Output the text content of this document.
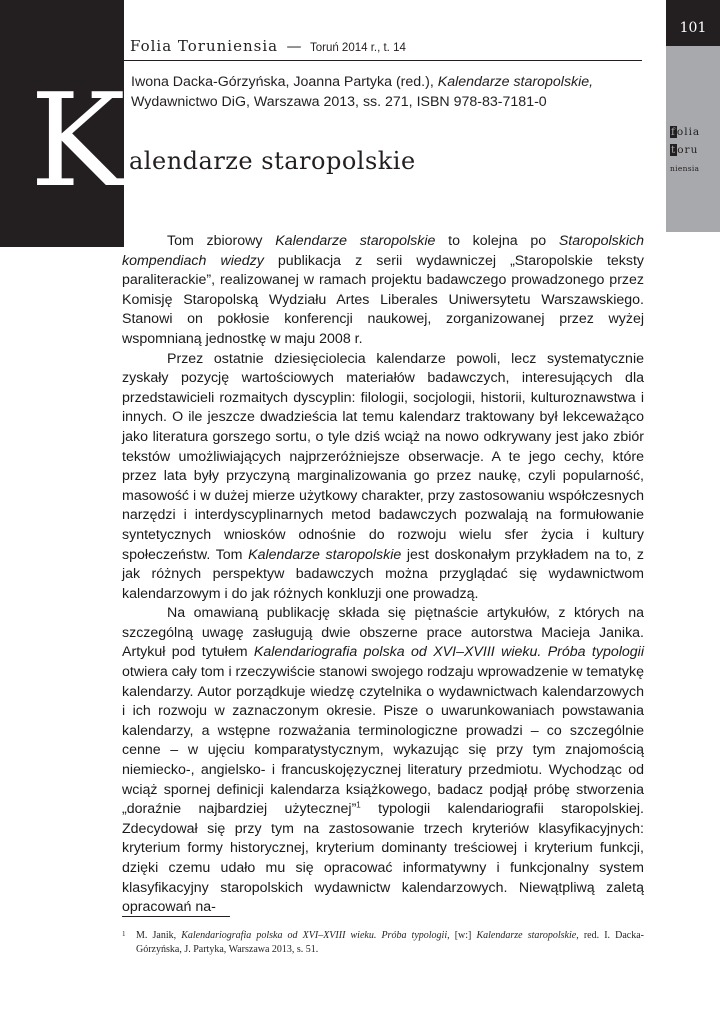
K
101
folia
toru
niensia
Folia Toruniensia — Toruń 2014 r., t. 14
Iwona Dacka-Górzyńska, Joanna Partyka (red.), Kalendarze staropolskie, Wydawnictwo DiG, Warszawa 2013, ss. 271, ISBN 978-83-7181-0
alendarze staropolskie

Tom zbiorowy Kalendarze staropolskie to kolejna po Staropolskich kompendiach wiedzy publikacja z serii wydawniczej „Staropolskie teksty paraliterackie”, realizowanej w ramach projektu badawczego prowadzonego przez Komisję Staropolską Wydziału Artes Liberales Uniwersytetu Warszawskiego. Stanowi on pokłosie konferencji naukowej, zorganizowanej przez wyżej wspomnianą jednostkę w maju 2008 r.

Przez ostatnie dziesięciolecia kalendarze powoli, lecz systematycznie zyskały pozycję wartościowych materiałów badawczych, interesujących dla przedstawicieli rozmaitych dyscyplin: filologii, socjologii, historii, kulturoznawstwa i innych. O ile jeszcze dwadzieścia lat temu kalendarz traktowany był lekceważąco jako literatura gorszego sortu, o tyle dziś wciąż na nowo odkrywany jest jako zbiór tekstów umożliwiających najprzeróżniejsze obserwacje. A te jego cechy, które przez lata były przyczyną marginalizowania go przez naukę, czyli popularność, masowość i w dużej mierze użytkowy charakter, przy zastosowaniu współczesnych narzędzi i interdyscyplinarnych metod badawczych pozwalają na formułowanie syntetycznych wniosków odnośnie do rozwoju wielu sfer życia i kultury społeczeństw. Tom Kalendarze staropolskie jest doskonałym przykładem na to, z jak różnych perspektyw badawczych można przyglądać się wydawnictwom kalendarzowym i do jak różnych konkluzji one prowadzą.

Na omawianą publikację składa się piętnaście artykułów, z których na szczególną uwagę zasługują dwie obszerne prace autorstwa Macieja Janika. Artykuł pod tytułem Kalendariografia polska od XVI–XVIII wieku. Próba typologii otwiera cały tom i rzeczywiście stanowi swojego rodzaju wprowadzenie w tematykę kalendarzy. Autor porządkuje wiedzę czytelnika o wydawnictwach kalendarzowych i ich rozwoju w zaznaczonym okresie. Pisze o uwarunkowaniach powstawania kalendarzy, a wstępne rozważania terminologiczne prowadzi – co szczególnie cenne – w ujęciu komparatystycznym, wykazując się przy tym znajomością niemiecko-, angielsko- i francuskojęzycznej literatury przedmiotu. Wychodząc od wciąż spornej definicji kalendarza książkowego, badacz podjął próbę stworzenia „doraźnie najbardziej użytecznej”$^1$ typologii kalendariografii staropolskiej. Zdecydował się przy tym na zastosowanie trzech kryteriów klasyfikacyjnych: kryterium formy historycznej, kryterium dominanty treściowej i kryterium funkcji, dzięki czemu udało mu się opracować informatywny i funkcjonalny system klasyfikacyjny staropolskich wydawnictw kalendarzowych. Niewątpliwą zaletą opracowań na-

1	M. Janik, Kalendariografia polska od XVI–XVIII wieku. Próba typologii, [w:] Kalendarze staropolskie, red. I. Dacka-Górzyńska, J. Partyka, Warszawa 2013, s. 51.
